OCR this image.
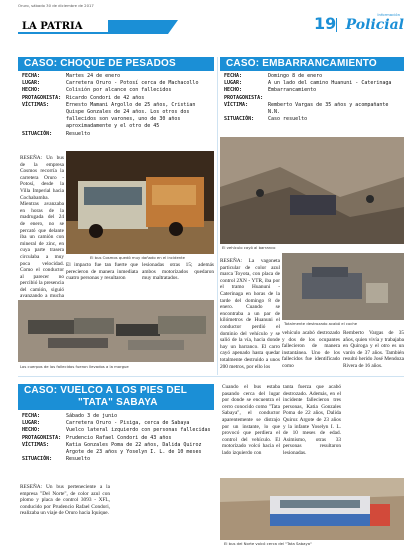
Oruro, sábado 30 de diciembre de 2017
LA PATRIA	19	Información
Policial
CASO: CHOQUE DE PESADOS
FECHA:	Martes 24 de enero
LUGAR:	Carretera Oruro - Potosí cerca de Machacollo
HECHO:	Colisión por alcance con fallecidos
PROTAGONISTA: Ricardo Condori de 42 años
VÍCTIMAS:	Ernesto Mamani Argollo de 25 años, Cristian Quispe Gonzales de 24 años. Los otros dos fallecidos son varones, uno de 30 años aproximadamente y el otro de 45
SITUACIÓN:	Resuelto
RESEÑA: Un bus de la empresa Cosmos recorría la carretera Oruro - Potosí, desde la Villa Imperial hacia Cochabamba. Mientras avanzaba en horas de la madrugada del 24 de enero, no se percató que delante iba un camión con mineral de zinc, en cuya parte trasera circulaba a muy poca velocidad. Como el conductor al parecer no percibió la presencia del camión, siguió avanzando a mucha
El bus Cosmos quedó muy dañado en el incidente
El impacto fue tan fuerte que perecieron de manera inmediata cuatro personas y resultaron
lesionadas otras 15; además ambos motorizados quedaron muy maltratados.
Los cuerpos de los fallecidos fueron llevados a la morgue
CASO: EMBARRANCAMIENTO
FECHA:	Domingo 8 de enero
LUGAR:	A un lado del camino Huanuni - Caterinaga
HECHO:	Embarrancamiento
PROTAGONISTA:
VÍCTIMA:	Remberto Vargas de 35 años y acompañante N.N.
SITUACIÓN:	Caso resuelto
El vehículo cayó al barranco
RESEÑA: La vagoneta particular de color azul marca Toyota, con placa de control 2XN - YTR, iba por el tramo Huanuni - Caterinaga en horas de la tarde del domingo 8 de enero. Cuando se encontraba a un par de kilómetros de Huanuni el conductor perdió el dominio del vehículo y se salió de la vía, hacia donde hay un barranco. El carro cayó apenado hasta quedar totalmente destruido a unos 200 metros, por ello los
Totalmente destrozado acabó el coche
vehículo acabó destrozado y dos de los ocupantes fallecieron de manera instantánea. Uno de los fallecidos fue identificado como
Remberto Vargas de 35 años, quien vivía y trabajaba en Quiroga y el otro es un varón de 37 años. También resultó herido José Mendoza Rivera de 16 años.
CASO: VUELCO A LOS PIES DEL
"TATA" SABAYA
FECHA:	Sábado 3 de junio
LUGAR:	Carretera Oruro - Pisiga, cerca de Sabaya
HECHO:	Vuelco lateral izquierdo con personas fallecidas
PROTAGONISTA: Prudencio Rafael Condori de 43 años
VÍCTIMAS:	Katia Gonzales Poma de 22 años, Dalida Quiroz Argote de 23 años y Yoselyn I. L. de 10 meses
SITUACIÓN:	Resuelto
RESEÑA: Un bus perteneciente a la empresa "Del Norte", de color azul con plomo y placa de control 3093 - XFL, conducido por Prudencio Rafael Condori, realizaba un viaje de Oruro hacia Iquique.
Cuando el bus estaba pasando cerca del lugar por donde se encuentra el cerro conocido como "Tata Sabaya", el conductor aparentemente se distrajo por un instante, lo que provocó que perdiera el control del vehículo. El motorizado volcó hacia el lado izquierdo con
tanta fuerza que acabó destrozado. Además, en el incidente fallecieron tres personas, Katia Gonzales Poma de 22 años, Dalida Quiroz Argote de 23 años y la infante Yoselyn I. L. de 10 meses de edad. Asimismo, otras 33 personas resultaron lesionadas.
El bus del Norte volcó cerca del "Tata Sabaya"
